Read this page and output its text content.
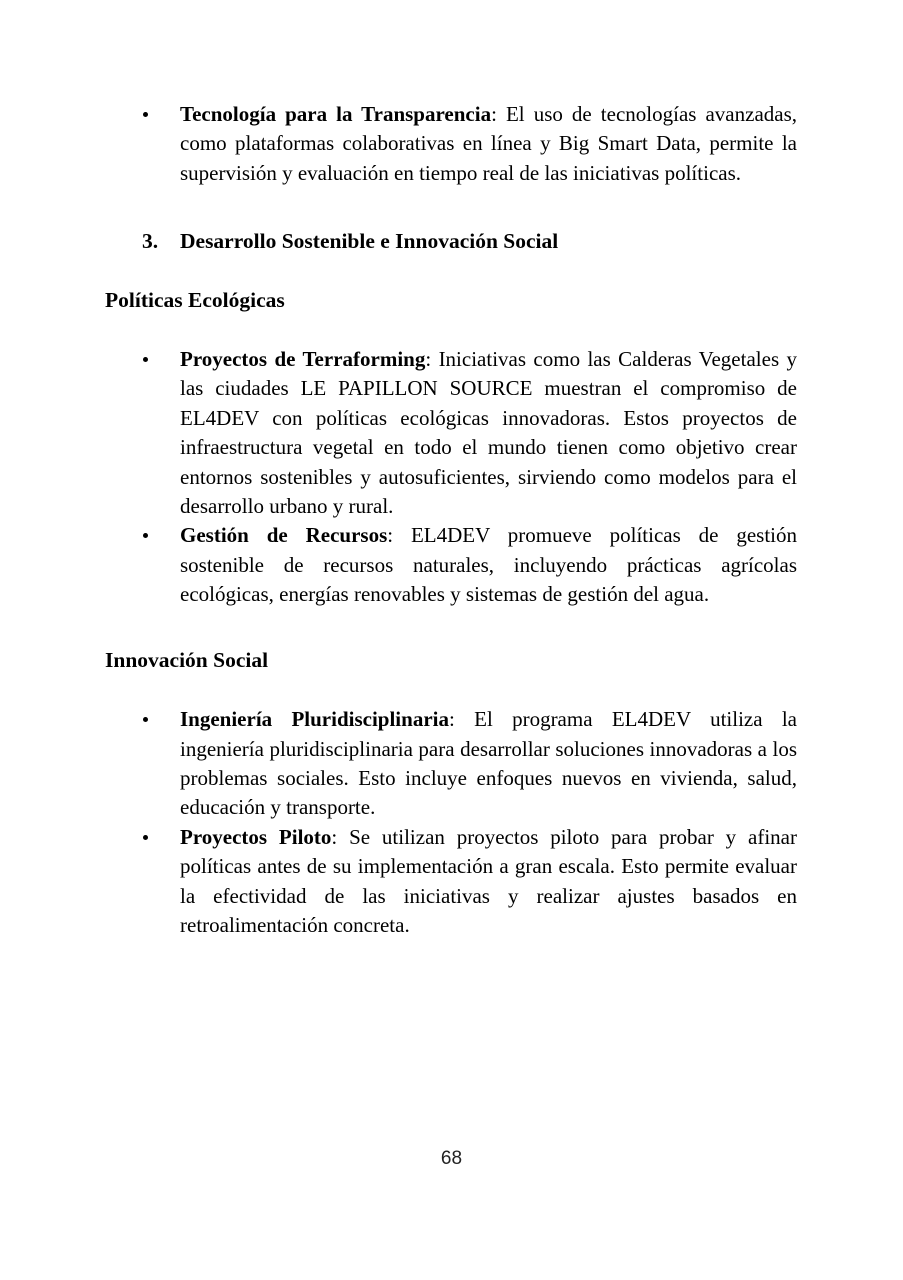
Tecnología para la Transparencia: El uso de tecnologías avanzadas, como plataformas colaborativas en línea y Big Smart Data, permite la supervisión y evaluación en tiempo real de las iniciativas políticas.
3. Desarrollo Sostenible e Innovación Social
Políticas Ecológicas
Proyectos de Terraforming: Iniciativas como las Calderas Vegetales y las ciudades LE PAPILLON SOURCE muestran el compromiso de EL4DEV con políticas ecológicas innovadoras. Estos proyectos de infraestructura vegetal en todo el mundo tienen como objetivo crear entornos sostenibles y autosuficientes, sirviendo como modelos para el desarrollo urbano y rural.
Gestión de Recursos: EL4DEV promueve políticas de gestión sostenible de recursos naturales, incluyendo prácticas agrícolas ecológicas, energías renovables y sistemas de gestión del agua.
Innovación Social
Ingeniería Pluridisciplinaria: El programa EL4DEV utiliza la ingeniería pluridisciplinaria para desarrollar soluciones innovadoras a los problemas sociales. Esto incluye enfoques nuevos en vivienda, salud, educación y transporte.
Proyectos Piloto: Se utilizan proyectos piloto para probar y afinar políticas antes de su implementación a gran escala. Esto permite evaluar la efectividad de las iniciativas y realizar ajustes basados en retroalimentación concreta.
68
